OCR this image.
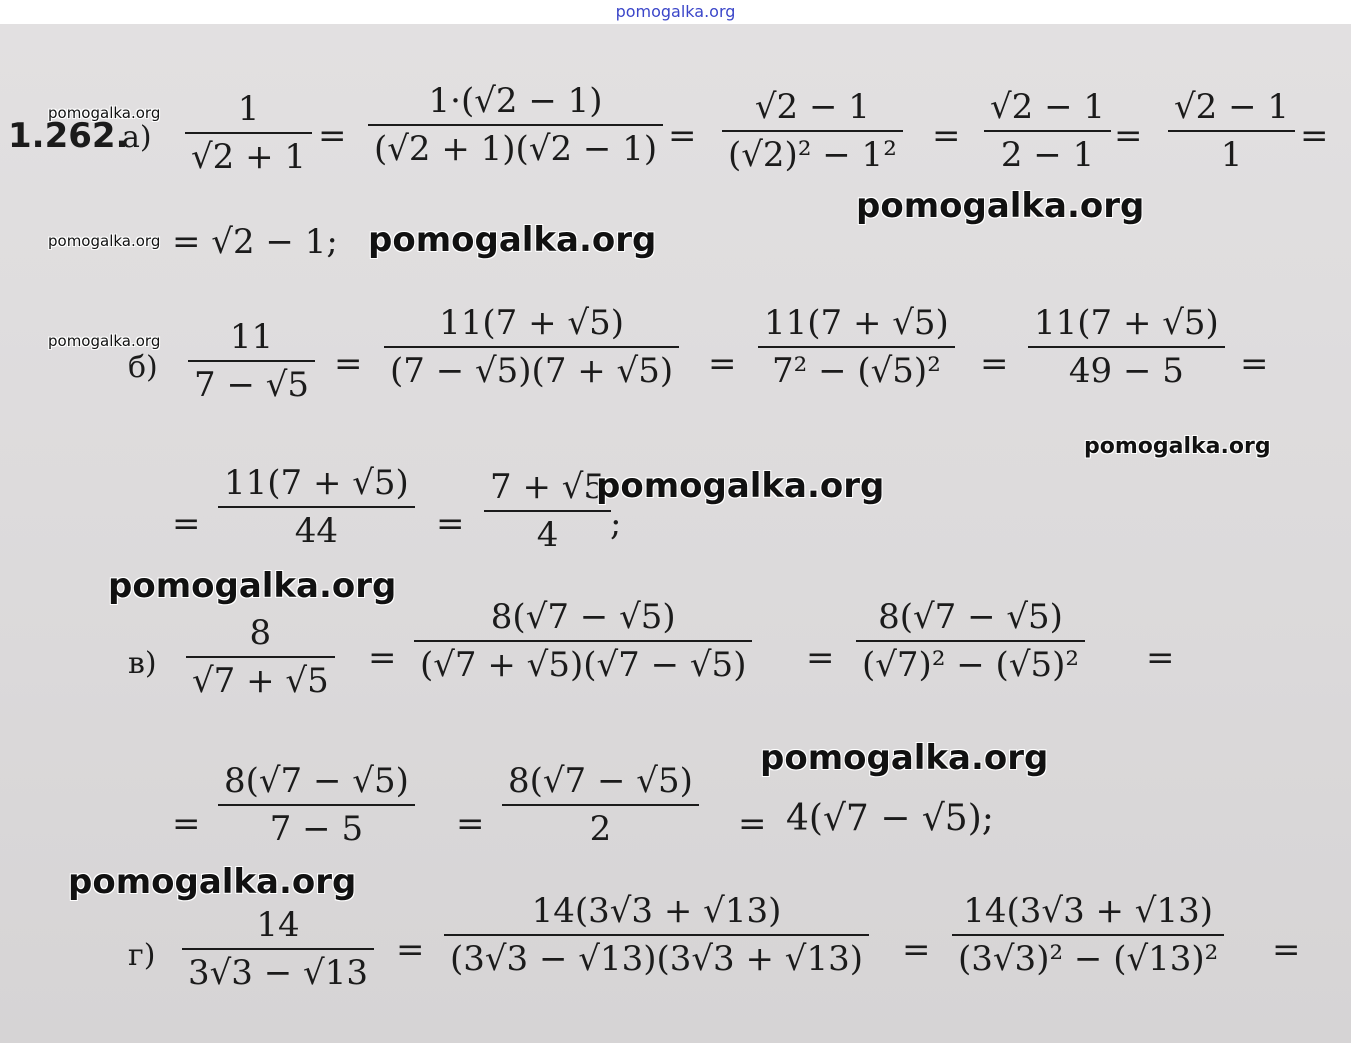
pomogalka.org
1.262.
а)
1
√2 + 1
=
1·(√2 − 1)
(√2 + 1)(√2 − 1) =
√2 − 1
(√2)² − 1² =
√2 − 1
2 − 1 =
√2 − 1
1 =
= √2 − 1;
б)
11
7 − √5
=
11(7 + √5)
(7 − √5)(7 + √5) =
11(7 + √5)
7² − (√5)² =
11(7 + √5)
49 − 5 =
=
11(7 + √5)
44	=
7 + √5
4 ;
в)
8
√7 + √5
=
8(√7 − √5)
(√7 + √5)(√7 − √5) =
8(√7 − √5)
(√7)² − (√5)² =
=
8(√7 − √5)
7 − 5	=
8(√7 − √5)
2	= 4(√7 − √5);
г)
14
3√3 − √13
=
14(3√3 + √13)
(3√3 − √13)(3√3 + √13) =
14(3√3 + √13)
(3√3)² − (√13)² =
pomogalka.org
pomogalka.org
pomogalka.org
pomogalka.org
pomogalka.org
pomogalka.org
pomogalka.org
pomogalka.org
pomogalka.org
pomogalka.org
